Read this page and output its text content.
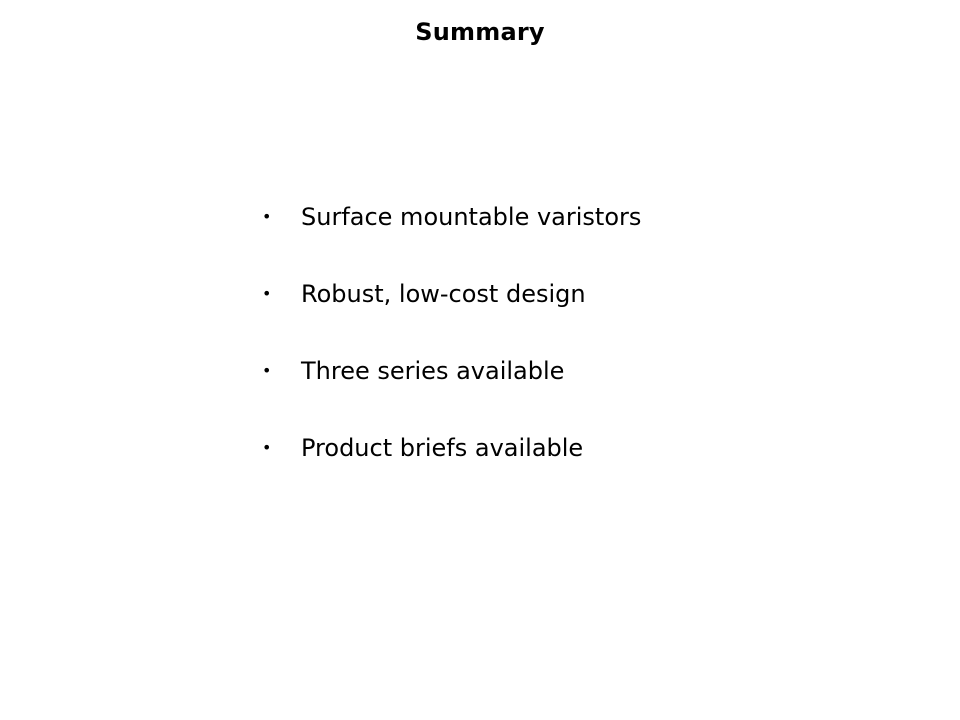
Summary
•	Surface mountable varistors
•	Robust, low-cost design
•	Three series available
•	Product briefs available
